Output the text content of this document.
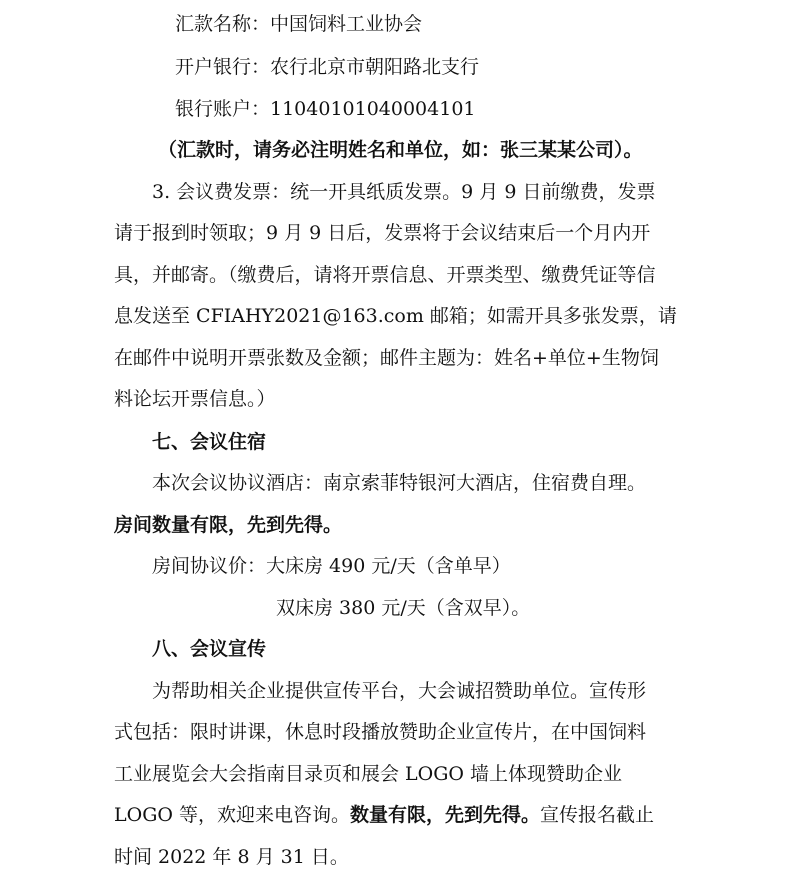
汇款名称：中国饲料工业协会
开户银行：农行北京市朝阳路北支行
银行账户：11040101040004101
（汇款时，请务必注明姓名和单位，如：张三某某公司）。
3. 会议费发票：统一开具纸质发票。9 月 9 日前缴费，发票
请于报到时领取；9 月 9 日后，发票将于会议结束后一个月内开
具，并邮寄。（缴费后，请将开票信息、开票类型、缴费凭证等信
息发送至 CFIAHY2021@163.com 邮箱；如需开具多张发票，请
在邮件中说明开票张数及金额；邮件主题为：姓名+单位+生物饲
料论坛开票信息。）
七、会议住宿
本次会议协议酒店：南京索菲特银河大酒店，住宿费自理。
房间数量有限，先到先得。
房间协议价：大床房 490 元/天（含单早）
双床房 380 元/天（含双早）。
八、会议宣传
为帮助相关企业提供宣传平台，大会诚招赞助单位。宣传形
式包括：限时讲课，休息时段播放赞助企业宣传片，在中国饲料
工业展览会大会指南目录页和展会 LOGO 墙上体现赞助企业
LOGO 等，欢迎来电咨询。数量有限，先到先得。宣传报名截止
时间 2022 年 8 月 31 日。
